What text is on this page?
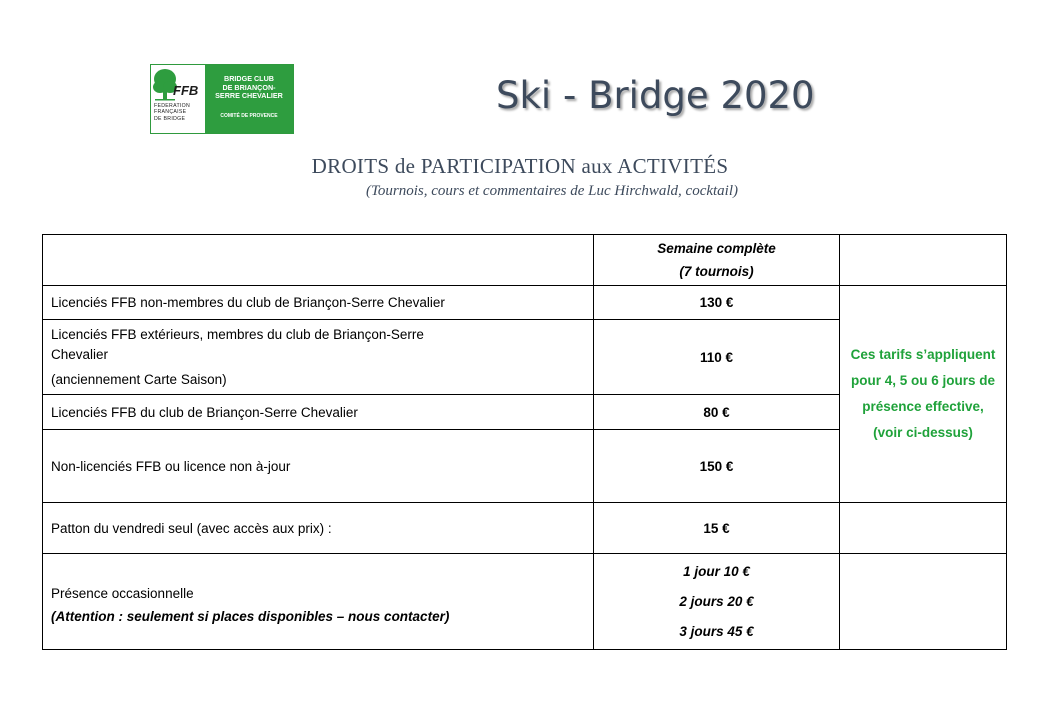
FFB
FEDERATION
FRANÇAISE
DE BRIDGE
BRIDGE CLUB
DE BRIANÇON-
SERRE CHEVALIER
COMITÉ DE PROVENCE	Ski - Bridge 2020
DROITS de PARTICIPATION aux ACTIVITÉS
(Tournois, cours et commentaires de Luc Hirchwald, cocktail)

	Semaine complète
(7 tournois)	

Licenciés FFB non-membres du club de Briançon-Serre Chevalier	130 €	Ces tarifs s’appliquent pour 4, 5 ou 6 jours de présence effective,
(voir ci-dessus)

Licenciés FFB extérieurs, membres du club de Briançon-Serre
Chevalier
(anciennement Carte Saison)	110 €	
Licenciés FFB du club de Briançon-Serre Chevalier	80 €	
Non-licenciés FFB ou licence non à-jour	150 €	
Patton du vendredi seul (avec accès aux prix) :	15 €	

Présence occasionnelle
(Attention : seulement si places disponibles – nous contacter)	1 jour 10 €
2 jours 20 €
3 jours 45 €	
